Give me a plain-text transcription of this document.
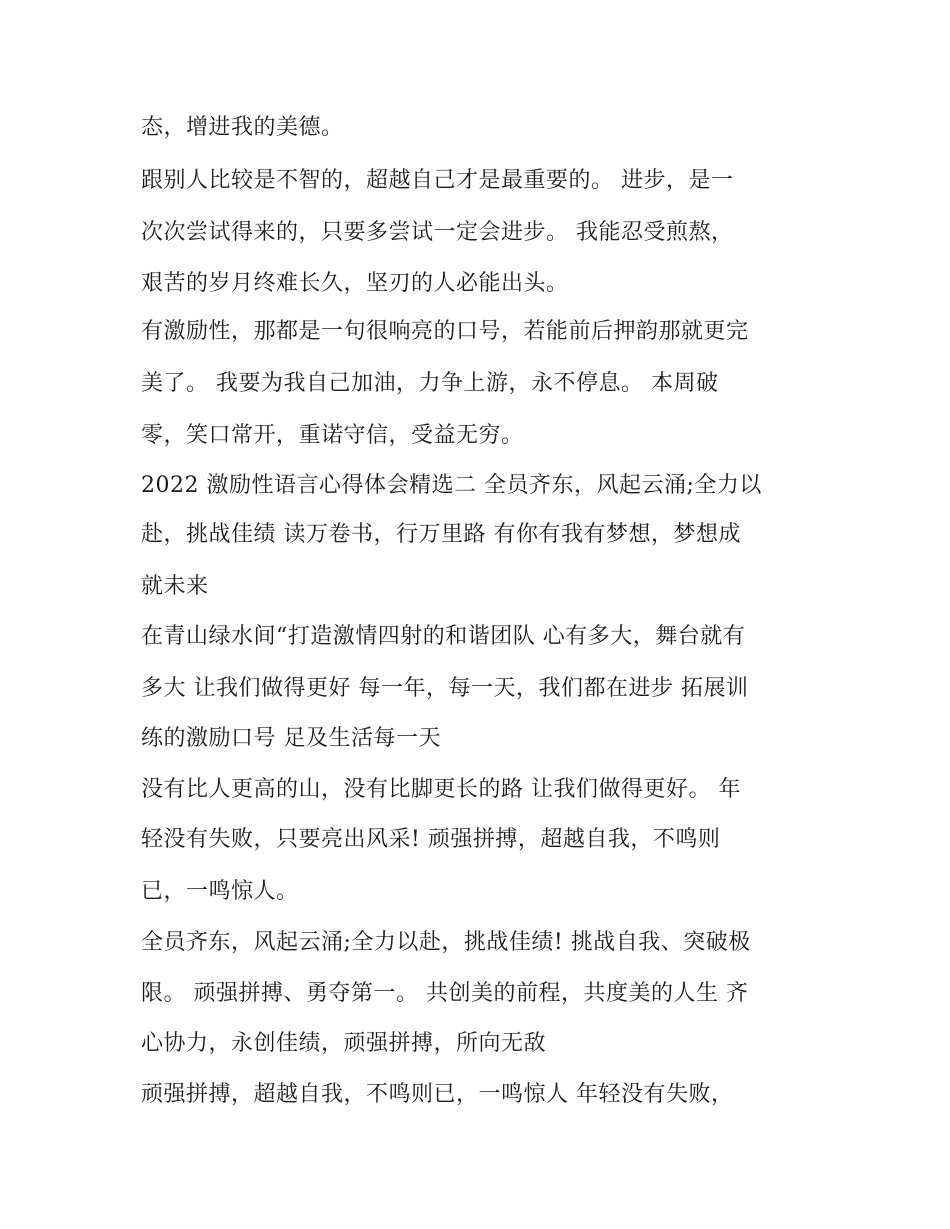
态，增进我的美德。

跟别人比较是不智的，超越自己才是最重要的。 进步，是一

次次尝试得来的，只要多尝试一定会进步。 我能忍受煎熬，

艰苦的岁月终难长久，坚刃的人必能出头。

有激励性，那都是一句很响亮的口号，若能前后押韵那就更完

美了。 我要为我自己加油，力争上游，永不停息。 本周破

零，笑口常开，重诺守信，受益无穷。

2022 激励性语言心得体会精选二 全员齐东，风起云涌;全力以

赴，挑战佳绩 读万卷书，行万里路 有你有我有梦想，梦想成

就未来

在青山绿水间“打造激情四射的和谐团队 心有多大，舞台就有

多大 让我们做得更好 每一年，每一天，我们都在进步 拓展训

练的激励口号 足及生活每一天

没有比人更高的山，没有比脚更长的路 让我们做得更好。 年

轻没有失败，只要亮出风采! 顽强拼搏，超越自我，不鸣则

已，一鸣惊人。

全员齐东，风起云涌;全力以赴，挑战佳绩! 挑战自我、突破极

限。 顽强拼搏、勇夺第一。 共创美的前程，共度美的人生 齐

心协力，永创佳绩，顽强拼搏，所向无敌

顽强拼搏，超越自我，不鸣则已，一鸣惊人 年轻没有失败，
